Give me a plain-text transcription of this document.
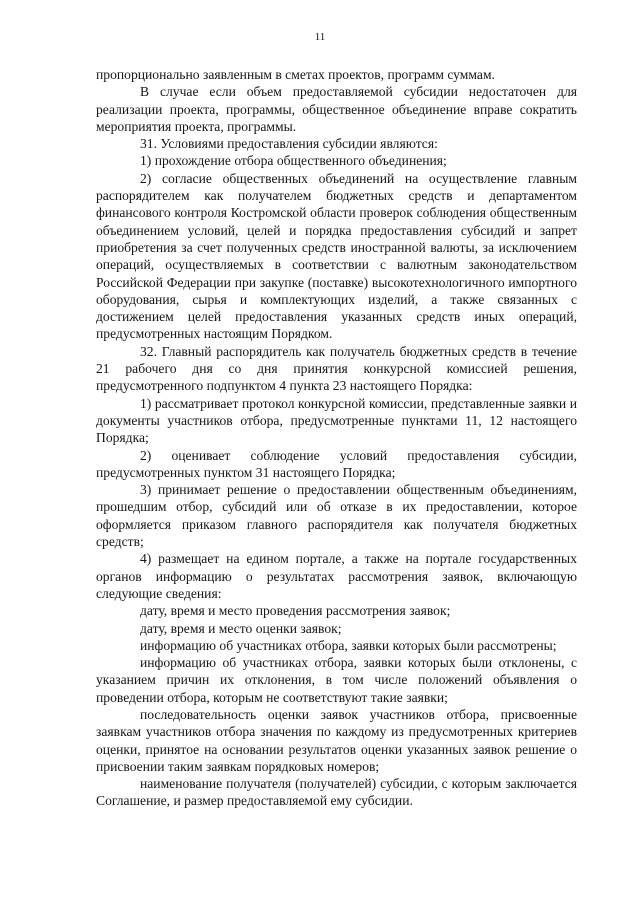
11

пропорционально заявленным в сметах проектов, программ суммам.

В случае если объем предоставляемой субсидии недостаточен для реализации проекта, программы, общественное объединение вправе сократить мероприятия проекта, программы.

31. Условиями предоставления субсидии являются:

1) прохождение отбора общественного объединения;

2) согласие общественных объединений на осуществление главным распорядителем как получателем бюджетных средств и департаментом финансового контроля Костромской области проверок соблюдения общественным объединением условий, целей и порядка предоставления субсидий и запрет приобретения за счет полученных средств иностранной валюты, за исключением операций, осуществляемых в соответствии с валютным законодательством Российской Федерации при закупке (поставке) высокотехнологичного импортного оборудования, сырья и комплектующих изделий, а также связанных с достижением целей предоставления указанных средств иных операций, предусмотренных настоящим Порядком.

32. Главный распорядитель как получатель бюджетных средств в течение 21 рабочего дня со дня принятия конкурсной комиссией решения, предусмотренного подпунктом 4 пункта 23 настоящего Порядка:

1) рассматривает протокол конкурсной комиссии, представленные заявки и документы участников отбора, предусмотренные пунктами 11, 12 настоящего Порядка;

2) оценивает соблюдение условий предоставления субсидии, предусмотренных пунктом 31 настоящего Порядка;

3) принимает решение о предоставлении общественным объединениям, прошедшим отбор, субсидий или об отказе в их предоставлении, которое оформляется приказом главного распорядителя как получателя бюджетных средств;

4) размещает на едином портале, а также на портале государственных органов информацию о результатах рассмотрения заявок, включающую следующие сведения:

дату, время и место проведения рассмотрения заявок;

дату, время и место оценки заявок;

информацию об участниках отбора, заявки которых были рассмотрены;

информацию об участниках отбора, заявки которых были отклонены, с указанием причин их отклонения, в том числе положений объявления о проведении отбора, которым не соответствуют такие заявки;

последовательность оценки заявок участников отбора, присвоенные заявкам участников отбора значения по каждому из предусмотренных критериев оценки, принятое на основании результатов оценки указанных заявок решение о присвоении таким заявкам порядковых номеров;

наименование получателя (получателей) субсидии, с которым заключается Соглашение, и размер предоставляемой ему субсидии.
